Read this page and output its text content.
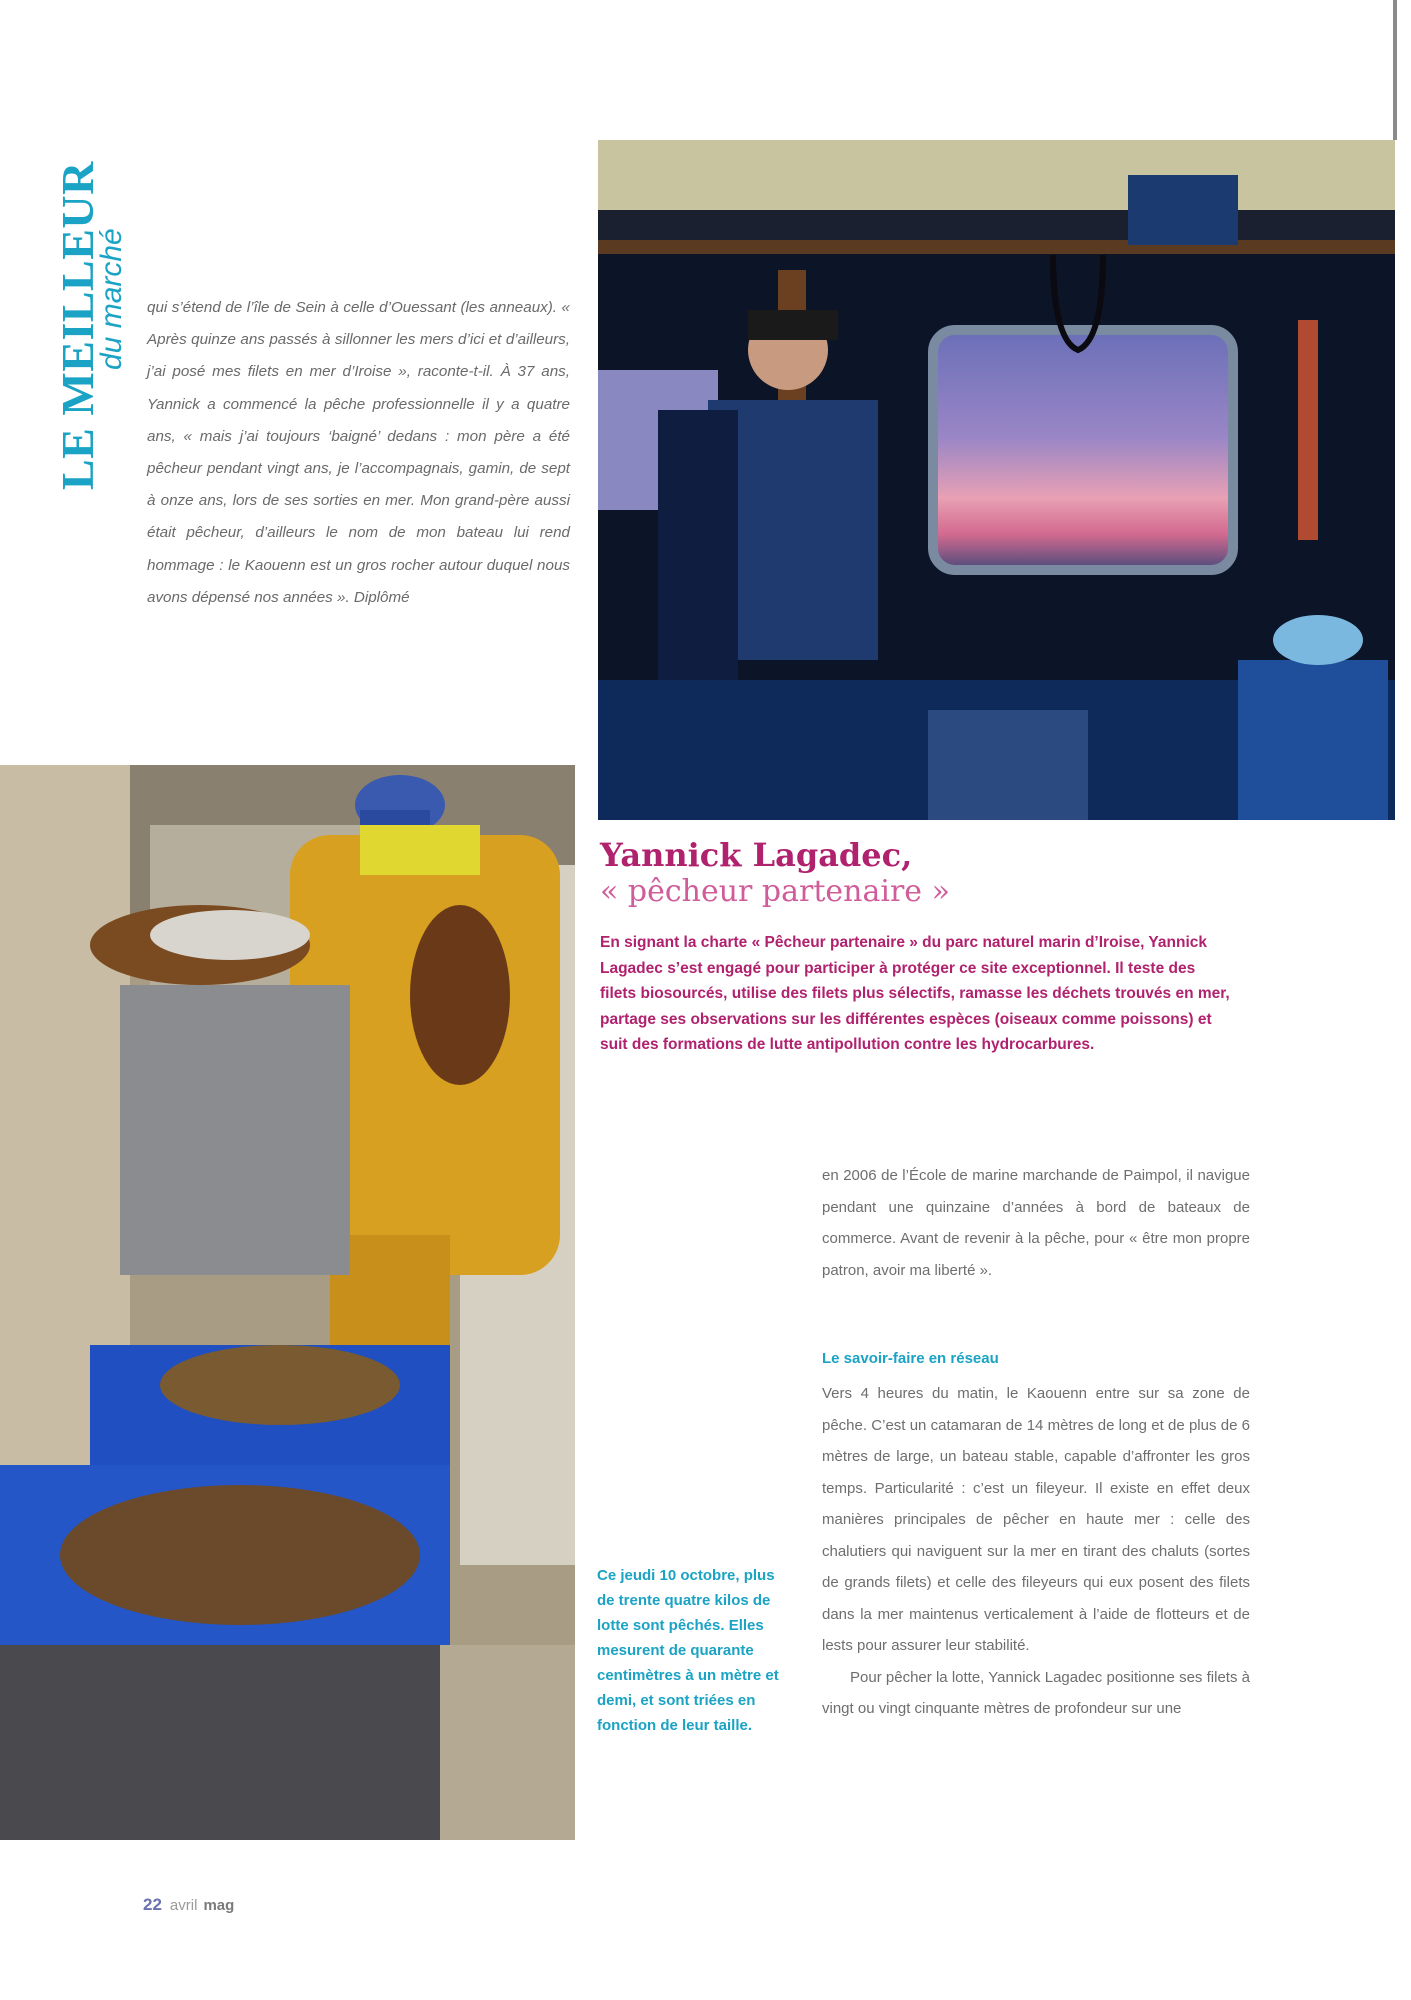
LE MEILLEUR
du marché qui s’étend de l’île de Sein à celle d’Ouessant (les anneaux). « Après quinze ans passés à sillonner les mers d’ici et d’ailleurs, j’ai posé mes filets en mer d’Iroise », raconte-t-il. À 37 ans, Yannick a commencé la pêche professionnelle il y a quatre ans, « mais j’ai toujours ‘baigné’ dedans : mon père a été pêcheur pendant vingt ans, je l’accompagnais, gamin, de sept à onze ans, lors de ses sorties en mer. Mon grand-père aussi était pêcheur, d’ailleurs le nom de mon bateau lui rend hommage : le Kaouenn est un gros rocher autour duquel nous avons dépensé nos années ». Diplômé
Yannick Lagadec,
« pêcheur partenaire »
En signant la charte « Pêcheur partenaire » du parc naturel marin d’Iroise, Yannick Lagadec s’est engagé pour participer à protéger ce site exceptionnel. Il teste des filets biosourcés, utilise des filets plus sélectifs, ramasse les déchets trouvés en mer, partage ses observations sur les différentes espèces (oiseaux comme poissons) et suit des formations de lutte antipollution contre les hydrocarbures.
en 2006 de l’École de marine marchande de Paimpol, il navigue pendant une quinzaine d’années à bord de bateaux de commerce. Avant de revenir à la pêche, pour « être mon propre patron, avoir ma liberté ».
Le savoir-faire en réseau

Vers 4 heures du matin, le Kaouenn entre sur sa zone de pêche. C’est un catamaran de 14 mètres de long et de plus de 6 mètres de large, un bateau stable, capable d’affronter les gros temps. Particularité : c’est un fileyeur. Il existe en effet deux manières principales de pêcher en haute mer : celle des chalutiers qui naviguent sur la mer en tirant des chaluts (sortes de grands filets) et celle des fileyeurs qui eux posent des filets dans la mer maintenus verticalement à l’aide de flotteurs et de lests pour assurer leur stabilité.

Pour pêcher la lotte, Yannick Lagadec positionne ses filets à vingt ou vingt cinquante mètres de profondeur sur une

Ce jeudi 10 octobre, plus de trente quatre kilos de lotte sont pêchés. Elles mesurent de quarante centimètres à un mètre et demi, et sont triées en fonction de leur taille.
22 avril mag
